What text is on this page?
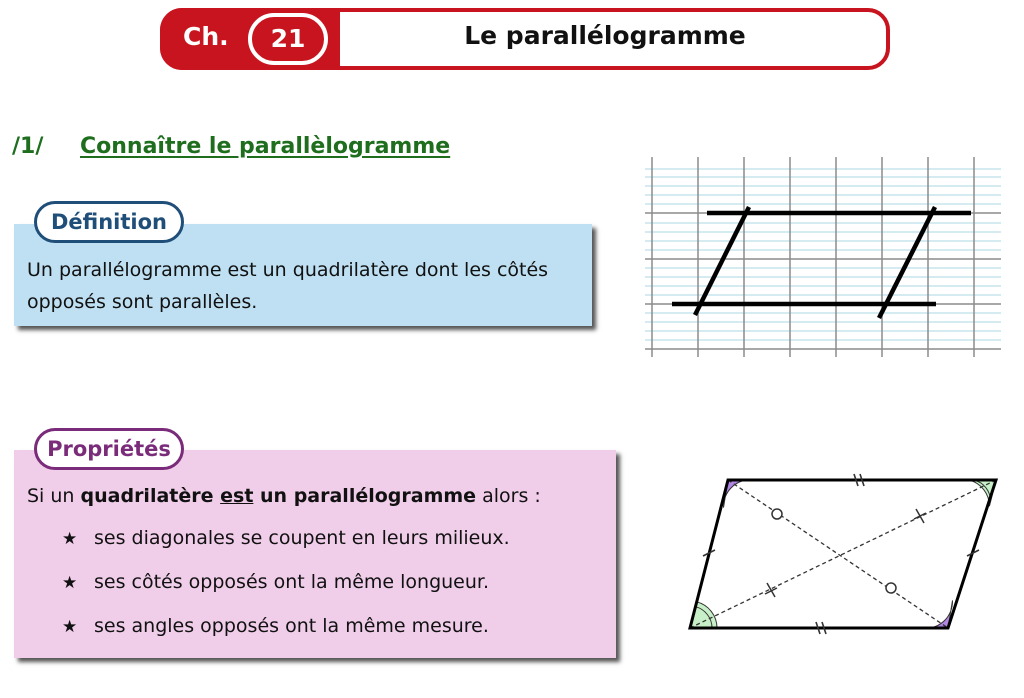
Ch.	21	Le parallélogramme
/1/ Connaître le parallèlogramme
Définition
Un parallélogramme est un quadrilatère dont les côtés opposés sont parallèles.
Propriétés
Si un quadrilatère est un parallélogramme alors :
★ ses diagonales se coupent en leurs milieux.
★ ses côtés opposés ont la même longueur.
★ ses angles opposés ont la même mesure.
